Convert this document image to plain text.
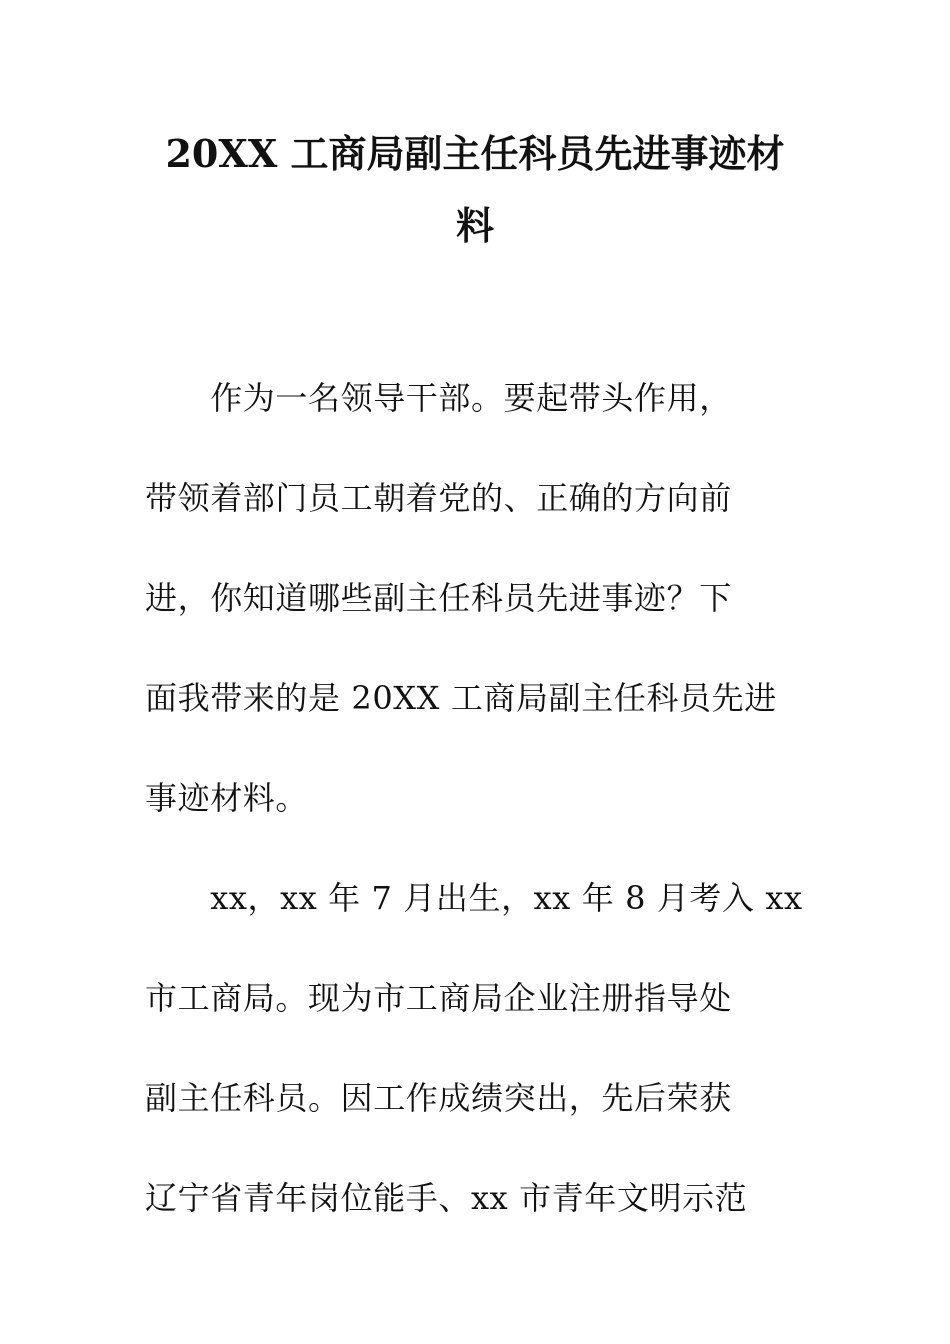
20XX 工商局副主任科员先进事迹材
料
　　作为一名领导干部。要起带头作用，
带领着部门员工朝着党的、正确的方向前
进，你知道哪些副主任科员先进事迹？下
面我带来的是 20XX 工商局副主任科员先进
事迹材料。
　　xx，xx 年 7 月出生，xx 年 8 月考入 xx
市工商局。现为市工商局企业注册指导处
副主任科员。因工作成绩突出，先后荣获
辽宁省青年岗位能手、xx 市青年文明示范
